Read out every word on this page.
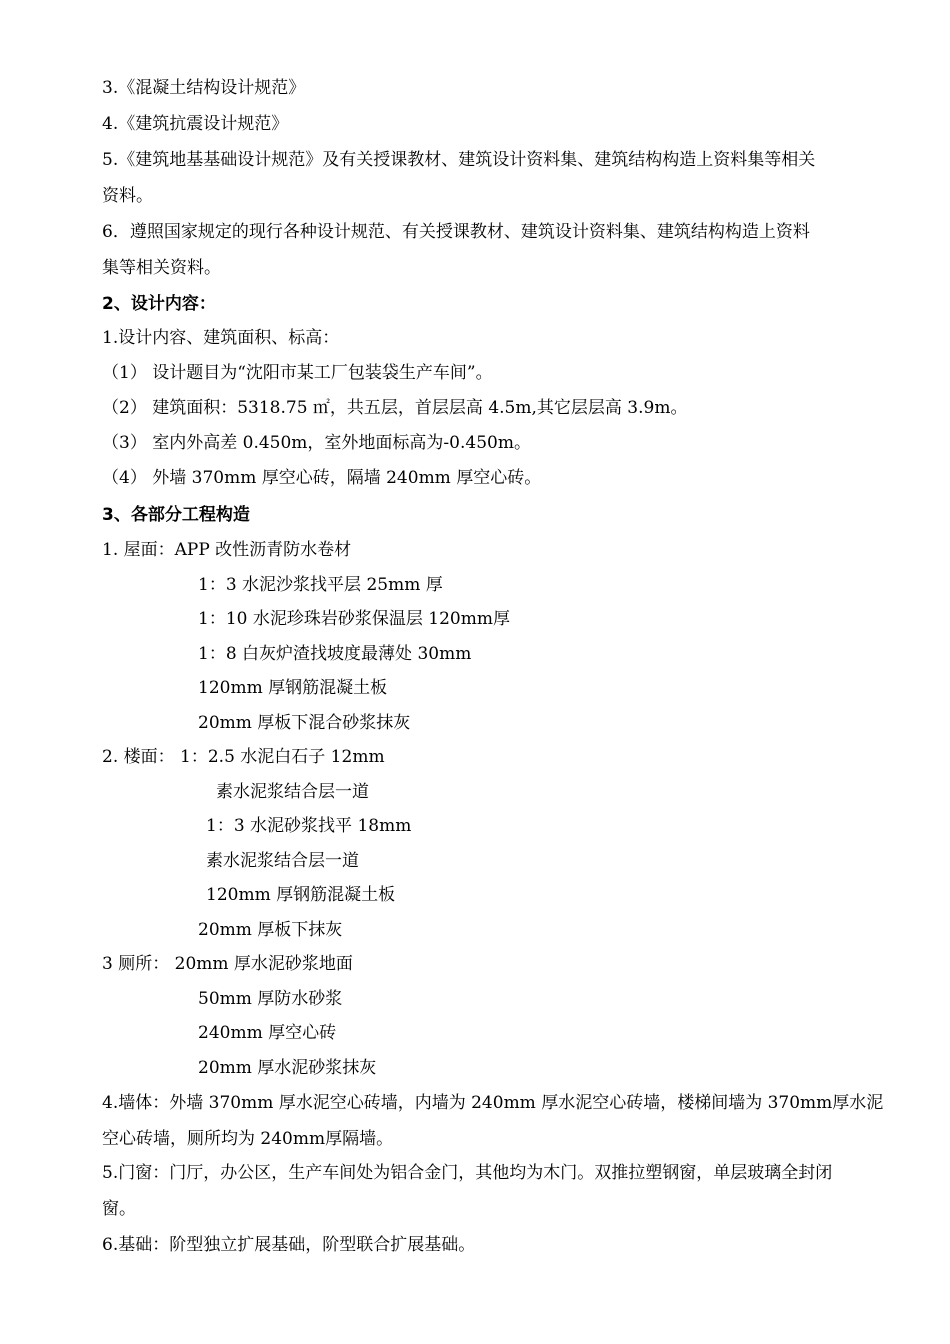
3.《混凝土结构设计规范》
4.《建筑抗震设计规范》
5.《建筑地基基础设计规范》及有关授课教材、建筑设计资料集、建筑结构构造上资料集等相关
资料。
6．遵照国家规定的现行各种设计规范、有关授课教材、建筑设计资料集、建筑结构构造上资料
集等相关资料。
2、设计内容：
1.设计内容、建筑面积、标高：
（1） 设计题目为“沈阳市某工厂包装袋生产车间”。
（2） 建筑面积：5318.75 ㎡，共五层，首层层高 4.5m,其它层层高 3.9m。
（3） 室内外高差 0.450m，室外地面标高为-0.450m。
（4） 外墙 370mm 厚空心砖，隔墙 240mm 厚空心砖。
3、各部分工程构造
1. 屋面：APP 改性沥青防水卷材
1：3 水泥沙浆找平层 25mm 厚
1：10 水泥珍珠岩砂浆保温层 120mm厚
1：8 白灰炉渣找坡度最薄处 30mm
120mm 厚钢筋混凝土板
20mm 厚板下混合砂浆抹灰
2. 楼面： 1：2.5 水泥白石子 12mm
素水泥浆结合层一道
1：3 水泥砂浆找平 18mm
素水泥浆结合层一道
120mm 厚钢筋混凝土板
20mm 厚板下抹灰
3 厕所： 20mm 厚水泥砂浆地面
50mm 厚防水砂浆
240mm 厚空心砖
20mm 厚水泥砂浆抹灰
4.墙体：外墙 370mm 厚水泥空心砖墙，内墙为 240mm 厚水泥空心砖墙，楼梯间墙为 370mm厚水泥
空心砖墙，厕所均为 240mm厚隔墙。
5.门窗：门厅，办公区，生产车间处为铝合金门，其他均为木门。双推拉塑钢窗，单层玻璃全封闭
窗。
6.基础：阶型独立扩展基础，阶型联合扩展基础。
